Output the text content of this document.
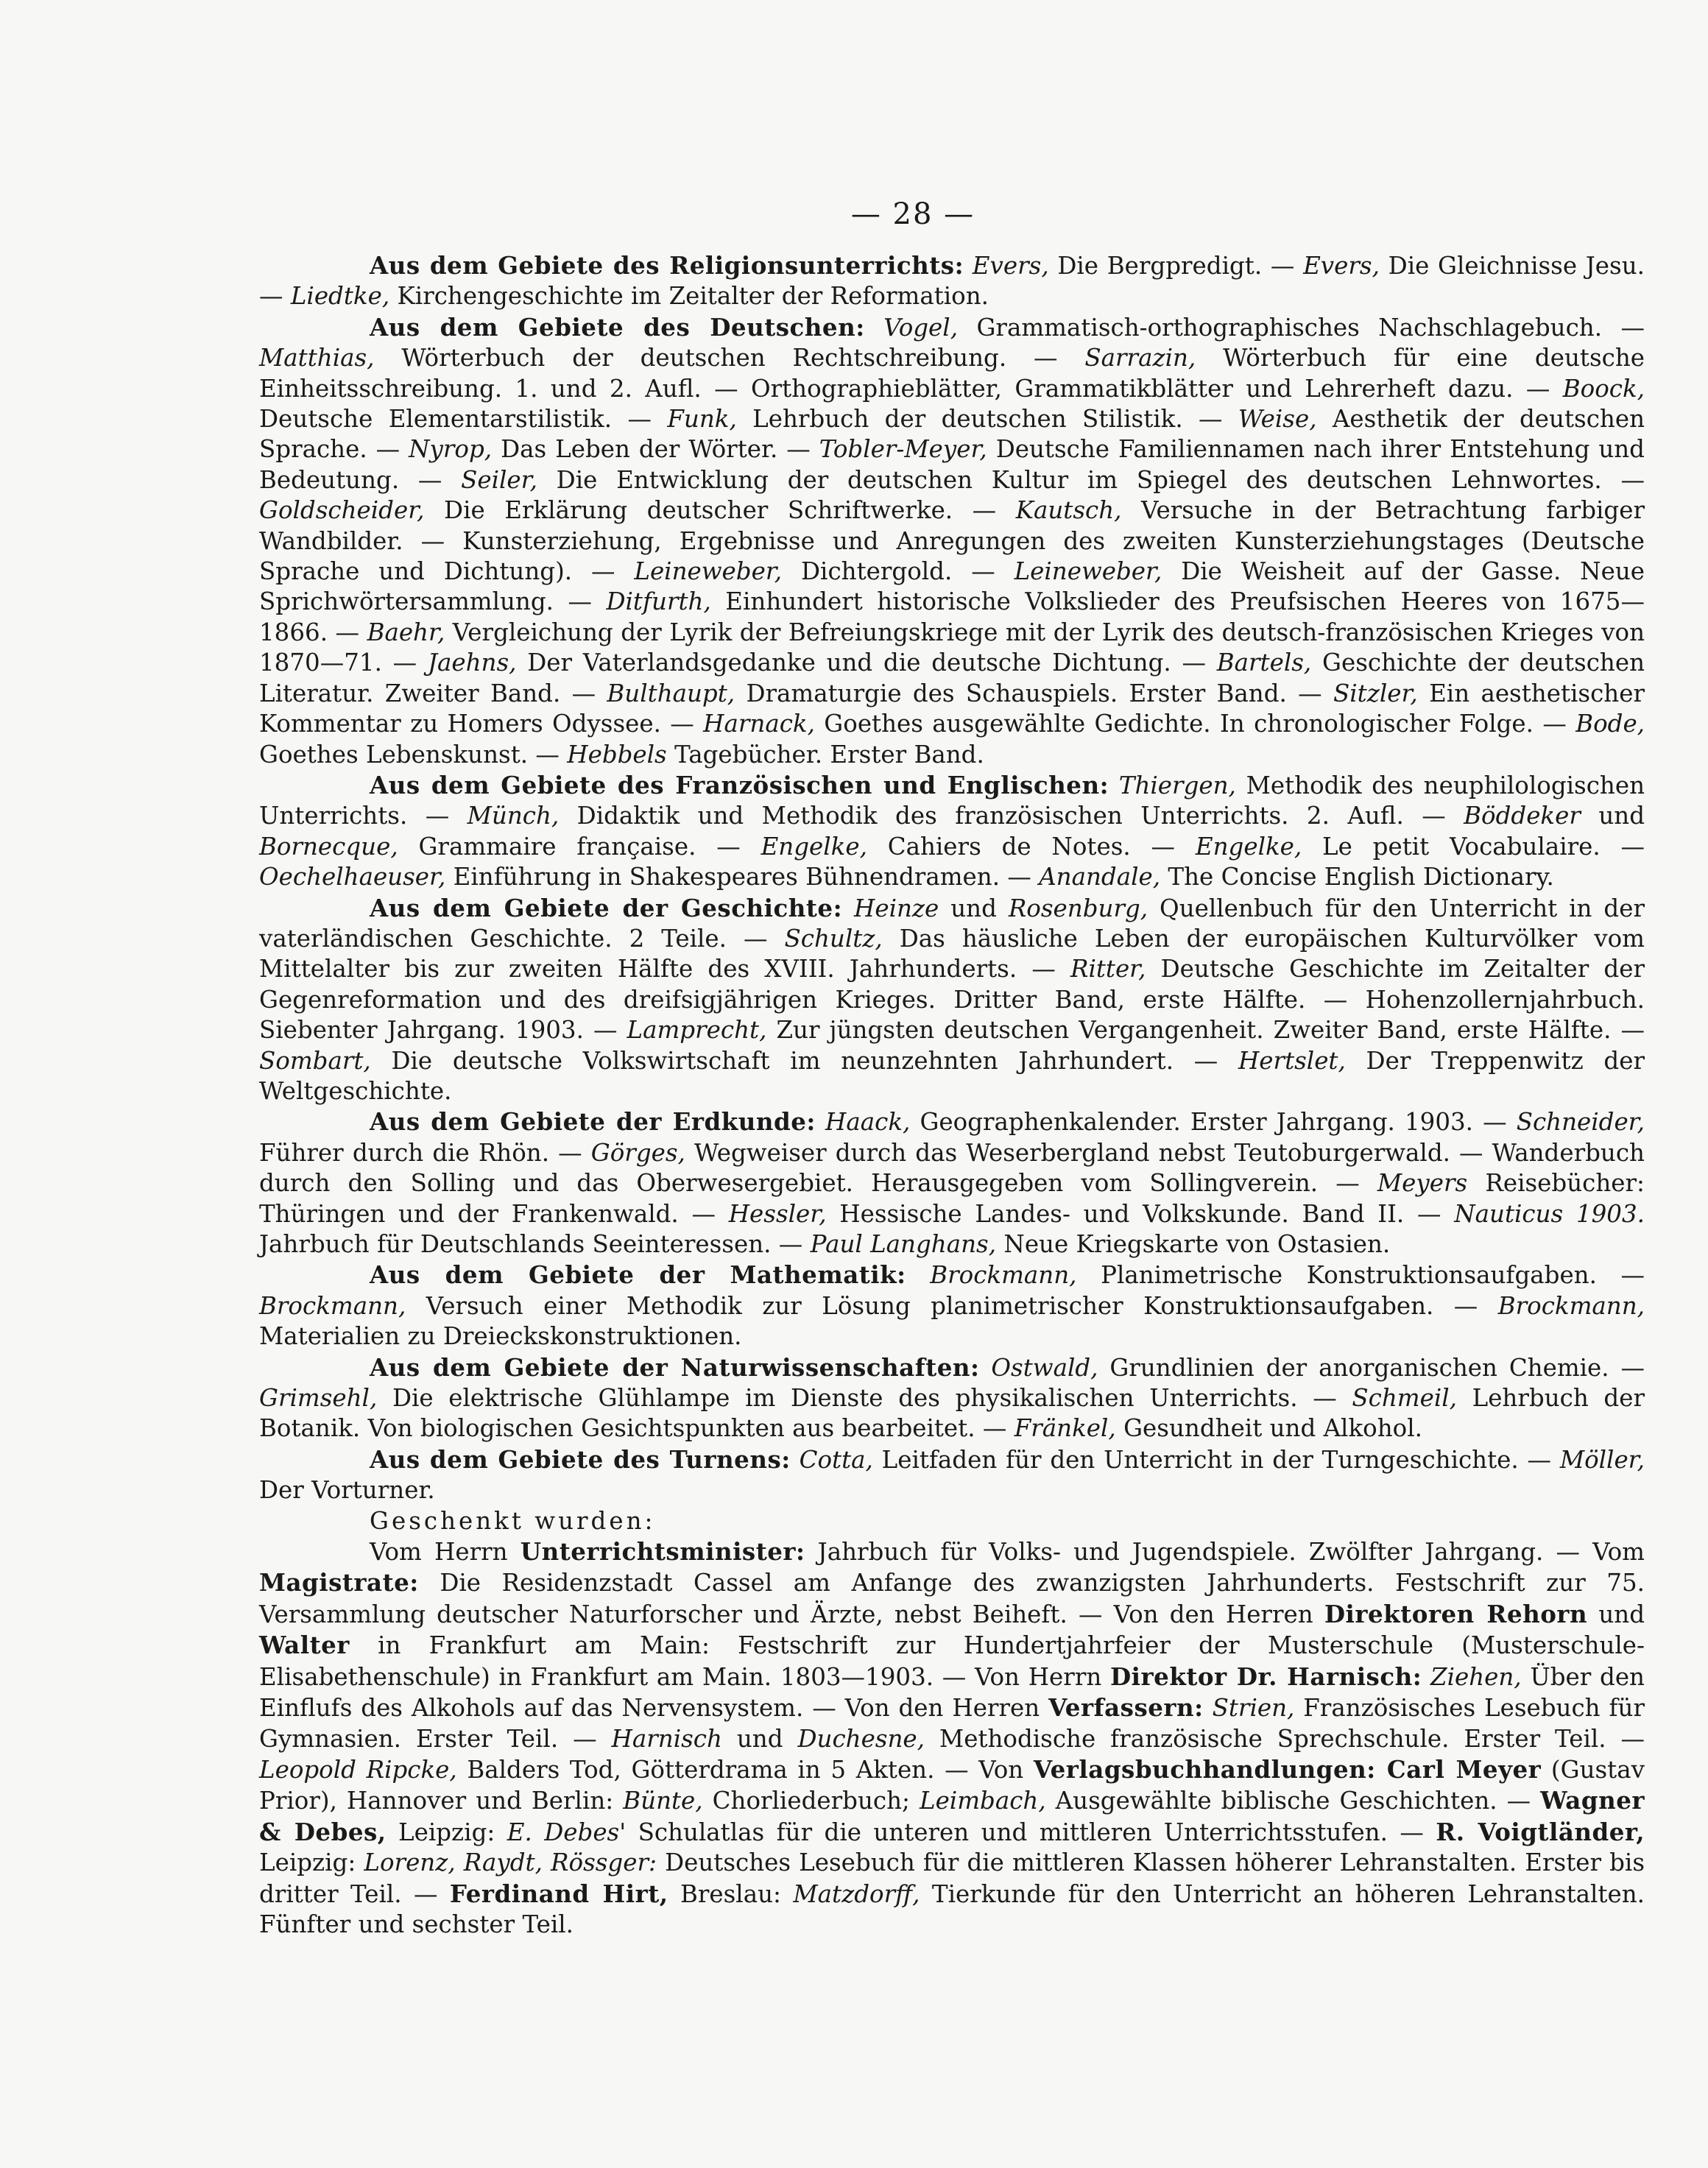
— 28 —

Aus dem Gebiete des Religionsunterrichts: Evers, Die Bergpredigt. — Evers, Die Gleichnisse Jesu. — Liedtke, Kirchengeschichte im Zeitalter der Reformation.

Aus dem Gebiete des Deutschen: Vogel, Grammatisch-orthographisches Nachschlagebuch. — Matthias, Wörterbuch der deutschen Rechtschreibung. — Sarrazin, Wörterbuch für eine deutsche Einheitsschreibung. 1. und 2. Aufl. — Orthographieblätter, Grammatikblätter und Lehrerheft dazu. — Boock, Deutsche Elementarstilistik. — Funk, Lehrbuch der deutschen Stilistik. — Weise, Aesthetik der deutschen Sprache. — Nyrop, Das Leben der Wörter. — Tobler-Meyer, Deutsche Familiennamen nach ihrer Entstehung und Bedeutung. — Seiler, Die Entwicklung der deutschen Kultur im Spiegel des deutschen Lehnwortes. — Goldscheider, Die Erklärung deutscher Schriftwerke. — Kautsch, Versuche in der Betrachtung farbiger Wandbilder. — Kunsterziehung, Ergebnisse und Anregungen des zweiten Kunsterziehungstages (Deutsche Sprache und Dichtung). — Leineweber, Dichtergold. — Leineweber, Die Weisheit auf der Gasse. Neue Sprichwörtersammlung. — Ditfurth, Einhundert historische Volkslieder des Preufsischen Heeres von 1675—1866. — Baehr, Vergleichung der Lyrik der Befreiungskriege mit der Lyrik des deutsch-französischen Krieges von 1870—71. — Jaehns, Der Vaterlandsgedanke und die deutsche Dichtung. — Bartels, Geschichte der deutschen Literatur. Zweiter Band. — Bulthaupt, Dramaturgie des Schauspiels. Erster Band. — Sitzler, Ein aesthetischer Kommentar zu Homers Odyssee. — Harnack, Goethes ausgewählte Gedichte. In chronologischer Folge. — Bode, Goethes Lebenskunst. — Hebbels Tagebücher. Erster Band.

Aus dem Gebiete des Französischen und Englischen: Thiergen, Methodik des neuphilologischen Unterrichts. — Münch, Didaktik und Methodik des französischen Unterrichts. 2. Aufl. — Böddeker und Bornecque, Grammaire française. — Engelke, Cahiers de Notes. — Engelke, Le petit Vocabulaire. — Oechelhaeuser, Einführung in Shakespeares Bühnendramen. — Anandale, The Concise English Dictionary.

Aus dem Gebiete der Geschichte: Heinze und Rosenburg, Quellenbuch für den Unterricht in der vaterländischen Geschichte. 2 Teile. — Schultz, Das häusliche Leben der europäischen Kulturvölker vom Mittelalter bis zur zweiten Hälfte des XVIII. Jahrhunderts. — Ritter, Deutsche Geschichte im Zeitalter der Gegenreformation und des dreifsigjährigen Krieges. Dritter Band, erste Hälfte. — Hohenzollernjahrbuch. Siebenter Jahrgang. 1903. — Lamprecht, Zur jüngsten deutschen Vergangenheit. Zweiter Band, erste Hälfte. — Sombart, Die deutsche Volkswirtschaft im neunzehnten Jahrhundert. — Hertslet, Der Treppenwitz der Weltgeschichte.

Aus dem Gebiete der Erdkunde: Haack, Geographenkalender. Erster Jahrgang. 1903. — Schneider, Führer durch die Rhön. — Görges, Wegweiser durch das Weserbergland nebst Teutoburgerwald. — Wanderbuch durch den Solling und das Oberwesergebiet. Herausgegeben vom Sollingverein. — Meyers Reisebücher: Thüringen und der Frankenwald. — Hessler, Hessische Landes- und Volkskunde. Band II. — Nauticus 1903. Jahrbuch für Deutschlands Seeinteressen. — Paul Langhans, Neue Kriegskarte von Ostasien.

Aus dem Gebiete der Mathematik: Brockmann, Planimetrische Konstruktionsaufgaben. — Brockmann, Versuch einer Methodik zur Lösung planimetrischer Konstruktionsaufgaben. — Brockmann, Materialien zu Dreieckskonstruktionen.

Aus dem Gebiete der Naturwissenschaften: Ostwald, Grundlinien der anorganischen Chemie. — Grimsehl, Die elektrische Glühlampe im Dienste des physikalischen Unterrichts. — Schmeil, Lehrbuch der Botanik. Von biologischen Gesichtspunkten aus bearbeitet. — Fränkel, Gesundheit und Alkohol.

Aus dem Gebiete des Turnens: Cotta, Leitfaden für den Unterricht in der Turngeschichte. — Möller, Der Vorturner.

Geschenkt wurden:

Vom Herrn Unterrichtsminister: Jahrbuch für Volks- und Jugendspiele. Zwölfter Jahrgang. — Vom Magistrate: Die Residenzstadt Cassel am Anfange des zwanzigsten Jahrhunderts. Festschrift zur 75. Versammlung deutscher Naturforscher und Ärzte, nebst Beiheft. — Von den Herren Direktoren Rehorn und Walter in Frankfurt am Main: Festschrift zur Hundertjahrfeier der Musterschule (Musterschule-Elisabethenschule) in Frankfurt am Main. 1803—1903. — Von Herrn Direktor Dr. Harnisch: Ziehen, Über den Einflufs des Alkohols auf das Nervensystem. — Von den Herren Verfassern: Strien, Französisches Lesebuch für Gymnasien. Erster Teil. — Harnisch und Duchesne, Methodische französische Sprechschule. Erster Teil. — Leopold Ripcke, Balders Tod, Götterdrama in 5 Akten. — Von Verlagsbuchhandlungen: Carl Meyer (Gustav Prior), Hannover und Berlin: Bünte, Chorliederbuch; Leimbach, Ausgewählte biblische Geschichten. — Wagner & Debes, Leipzig: E. Debes' Schulatlas für die unteren und mittleren Unterrichtsstufen. — R. Voigtländer, Leipzig: Lorenz, Raydt, Rössger: Deutsches Lesebuch für die mittleren Klassen höherer Lehranstalten. Erster bis dritter Teil. — Ferdinand Hirt, Breslau: Matzdorff, Tierkunde für den Unterricht an höheren Lehranstalten. Fünfter und sechster Teil.
